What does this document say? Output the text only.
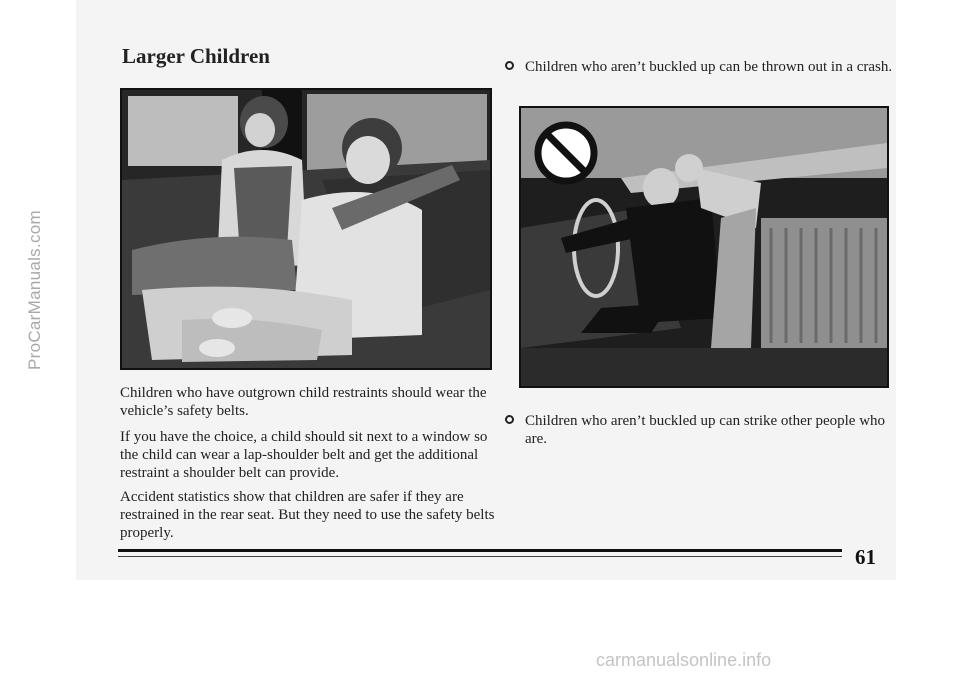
ProCarManuals.com
Larger Children
Children who have outgrown child restraints should wear the vehicle’s safety belts.
If you have the choice, a child should sit next to a window so the child can wear a lap-shoulder belt and get the additional restraint a shoulder belt can provide.
Accident statistics show that children are safer if they are restrained in the rear seat. But they need to use the safety belts properly.
Children who aren’t buckled up can be thrown out in a crash.
Children who aren’t buckled up can strike other people who are.
61
carmanualsonline.info
